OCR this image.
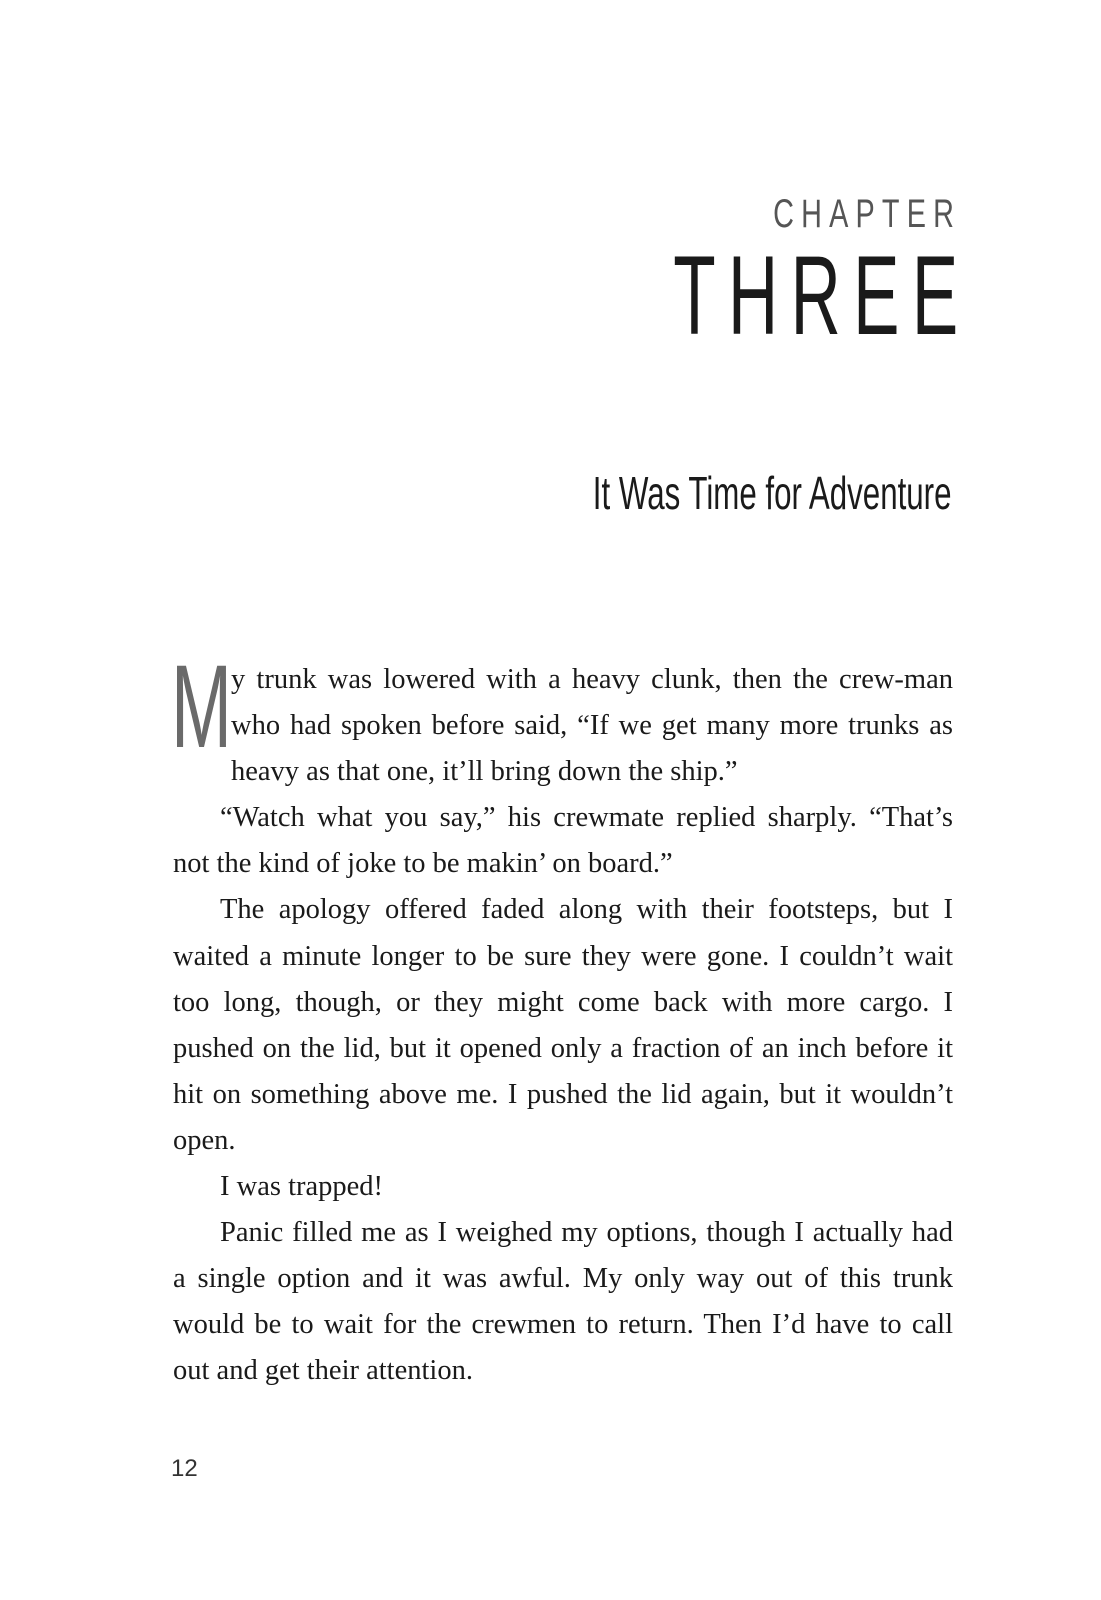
CHAPTER
THREE
It Was Time for Adventure

My trunk was lowered with a heavy clunk, then the crew-man who had spoken before said, “If we get many more trunks as heavy as that one, it’ll bring down the ship.”

“Watch what you say,” his crewmate replied sharply. “That’s not the kind of joke to be makin’ on board.”

The apology offered faded along with their footsteps, but I waited a minute longer to be sure they were gone. I couldn’t wait too long, though, or they might come back with more cargo. I pushed on the lid, but it opened only a fraction of an inch before it hit on something above me. I pushed the lid again, but it wouldn’t open.

I was trapped!

Panic filled me as I weighed my options, though I actually had a single option and it was awful. My only way out of this trunk would be to wait for the crewmen to return. Then I’d have to call out and get their attention.

12
